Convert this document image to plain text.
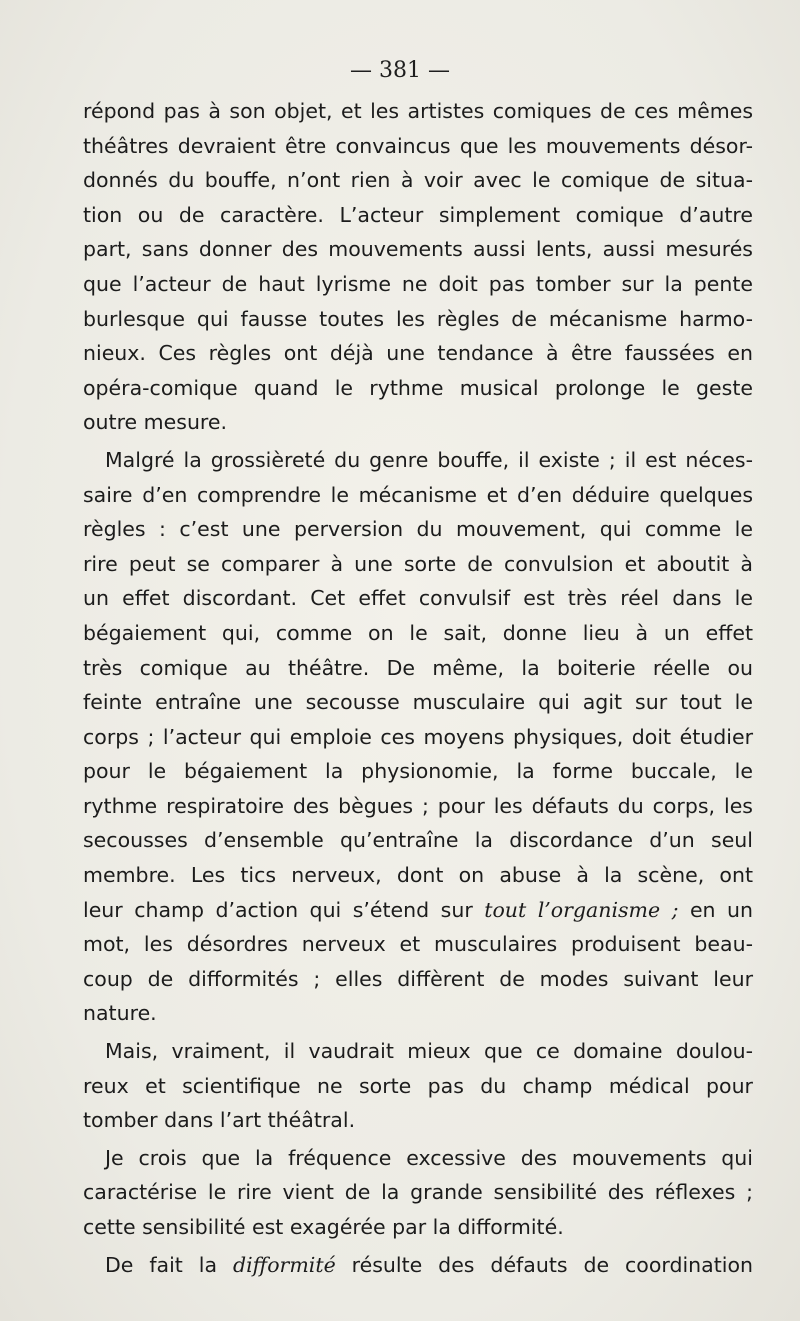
— 381 —
répond pas à son objet, et les artistes comiques de ces mêmes
théâtres devraient être convaincus que les mouvements désor-
donnés du bouffe, n’ont rien à voir avec le comique de situa-
tion ou de caractère. L’acteur simplement comique d’autre
part, sans donner des mouvements aussi lents, aussi mesurés
que l’acteur de haut lyrisme ne doit pas tomber sur la pente
burlesque qui fausse toutes les règles de mécanisme harmo-
nieux. Ces règles ont déjà une tendance à être faussées en
opéra-comique quand le rythme musical prolonge le geste
outre mesure.
Malgré la grossièreté du genre bouffe, il existe ; il est néces-
saire d’en comprendre le mécanisme et d’en déduire quelques
règles : c’est une perversion du mouvement, qui comme le
rire peut se comparer à une sorte de convulsion et aboutit à
un effet discordant. Cet effet convulsif est très réel dans le
bégaiement qui, comme on le sait, donne lieu à un effet
très comique au théâtre. De même, la boiterie réelle ou
feinte entraîne une secousse musculaire qui agit sur tout le
corps ; l’acteur qui emploie ces moyens physiques, doit étudier
pour le bégaiement la physionomie, la forme buccale, le
rythme respiratoire des bègues ; pour les défauts du corps, les
secousses d’ensemble qu’entraîne la discordance d’un seul
membre. Les tics nerveux, dont on abuse à la scène, ont
leur champ d’action qui s’étend sur tout l’organisme ; en un
mot, les désordres nerveux et musculaires produisent beau-
coup de difformités ; elles diffèrent de modes suivant leur
nature.
Mais, vraiment, il vaudrait mieux que ce domaine doulou-
reux et scientifique ne sorte pas du champ médical pour
tomber dans l’art théâtral.
Je crois que la fréquence excessive des mouvements qui
caractérise le rire vient de la grande sensibilité des réflexes ;
cette sensibilité est exagérée par la difformité.
De fait la difformité résulte des défauts de coordination
